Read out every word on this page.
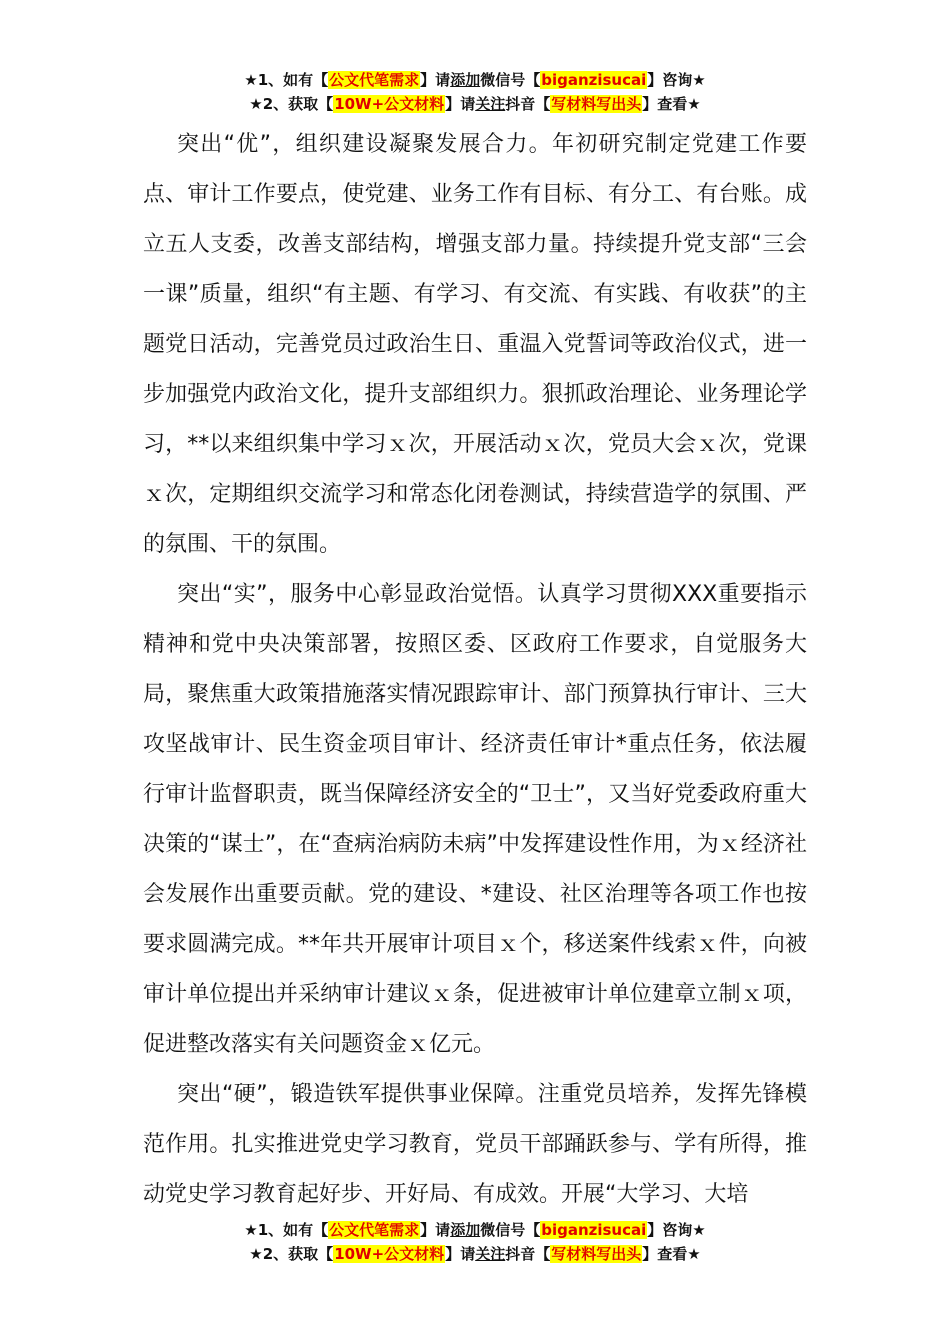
★1、如有【公文代笔需求】请添加微信号【biganzisucai】咨询★
★2、获取【10W+公文材料】请关注抖音【写材料写出头】查看★

突出“优”，组织建设凝聚发展合力。年初研究制定党建工作要点、审计工作要点，使党建、业务工作有目标、有分工、有台账。成立五人支委，改善支部结构，增强支部力量。持续提升党支部“三会一课”质量，组织“有主题、有学习、有交流、有实践、有收获”的主题党日活动，完善党员过政治生日、重温入党誓词等政治仪式，进一步加强党内政治文化，提升支部组织力。狠抓政治理论、业务理论学习，**以来组织集中学习ｘ次，开展活动ｘ次，党员大会ｘ次，党课ｘ次，定期组织交流学习和常态化闭卷测试，持续营造学的氛围、严的氛围、干的氛围。

突出“实”，服务中心彰显政治觉悟。认真学习贯彻XXX重要指示精神和党中央决策部署，按照区委、区政府工作要求，自觉服务大局，聚焦重大政策措施落实情况跟踪审计、部门预算执行审计、三大攻坚战审计、民生资金项目审计、经济责任审计*重点任务，依法履行审计监督职责，既当保障经济安全的“卫士”，又当好党委政府重大决策的“谋士”，在“查病治病防未病”中发挥建设性作用，为ｘ经济社会发展作出重要贡献。党的建设、*建设、社区治理等各项工作也按要求圆满完成。**年共开展审计项目ｘ个，移送案件线索ｘ件，向被审计单位提出并采纳审计建议ｘ条，促进被审计单位建章立制ｘ项，促进整改落实有关问题资金ｘ亿元。

突出“硬”，锻造铁军提供事业保障。注重党员培养，发挥先锋模范作用。扎实推进党史学习教育，党员干部踊跃参与、学有所得，推动党史学习教育起好步、开好局、有成效。开展“大学习、大培

★1、如有【公文代笔需求】请添加微信号【biganzisucai】咨询★
★2、获取【10W+公文材料】请关注抖音【写材料写出头】查看★
